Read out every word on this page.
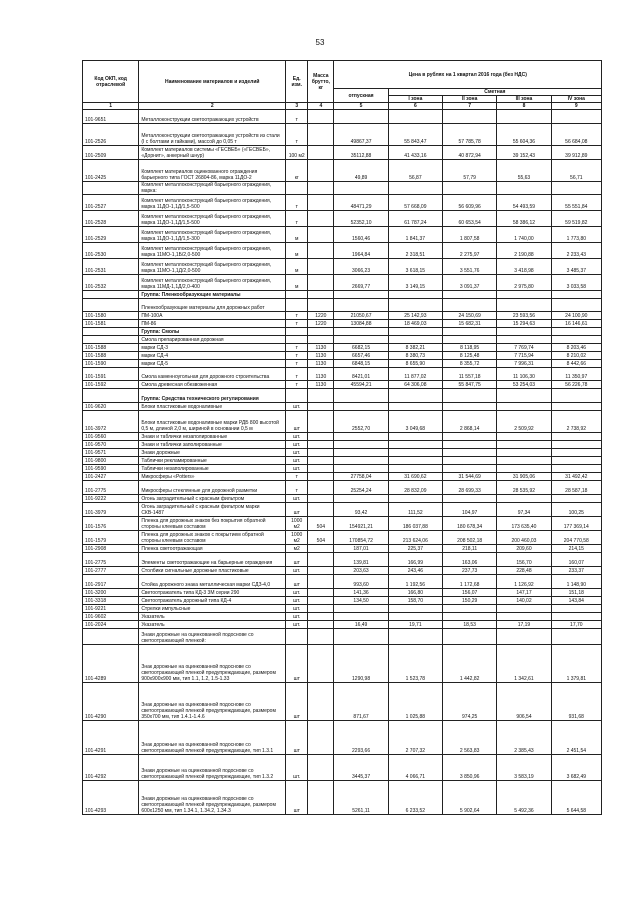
53
Код ОКП, код отраслевой	Наименование материалов и изделий	Ед. изм.	Масса брутто, кг	Цена в рублях на 1 квартал 2016 года (без НДС)				
				отпускная	Сметная			
					I зона	II зона	III зона	IV зона
1	2	3	4	5	6	7	8	9
101-9651	Металлоконструкции светоотражающих устройств	т						
101-2526	Металлоконструкции светоотражающих устройств из стали (I с болтами и гайками), массой до 0,05 т	т		49867,37	55 843,47	57 785,78	55 604,36	56 684,08
101-2509	Комплект материалов системы «ГЕСВЕБ» («ГЕСВЕБ», «Дорнит», анкерный шнур)	100 м2		35112,88	41 433,16	40 872,94	39 152,43	39 912,89
101-2425	Комплект материалов оцинкованного ограждения барьерного типа ГОСТ 26804-86, марка 11ДО-2	кг		49,89	56,87	57,79	55,63	56,71
	Комплект металлоконструкций барьерного ограждения, марка:							
101-2527	Комплект металлоконструкций барьерного ограждения, марка 11ДО-1,1Д/1,5-500	т		48471,29	57 668,09	56 609,96	54 493,59	55 551,84
101-2528	Комплект металлоконструкций барьерного ограждения, марка 11ДО-1,1Д/1,5-500	т		52352,10	61 787,24	60 653,54	58 386,12	59 519,82
101-2529	Комплект металлоконструкций барьерного ограждения, марка 11ДО-1,1Д/1,5-300	м		1560,46	1 841,37	1 807,58	1 740,00	1 773,80
101-2530	Комплект металлоконструкций барьерного ограждения, марка 11МО-1,1Б/2,0-500	м		1964,84	2 318,51	2 275,97	2 190,88	2 233,43
101-2531	Комплект металлоконструкций барьерного ограждения, марка 11МО-1,1Д/2,0-500	м		3066,23	3 618,15	3 551,76	3 418,98	3 485,37
101-2532	Комплект металлоконструкций барьерного ограждения, марка 11МД-1,1Д/2,0-400	м		2669,77	3 149,15	3 091,37	2 975,80	3 033,58
	Группа: Пленкообразующие материалы							
	Пленкообразующие материалы для дорожных работ							
101-1580	ПМ-100А	т	1220	21050,67	25 142,93	24 150,69	23 593,56	24 100,90
101-1581	ПМ-86	т	1220	13084,88	18 469,03	15 682,31	15 294,63	16 146,61
	Группа: Смолы							
	Смола препарированная дорожная							
101-1588	марки СД-3	т	1130	6682,15	8 382,21	8 118,95	7 769,74	8 203,46
101-1588	марки СД-4	т	1130	6657,46	8 380,73	8 125,48	7 715,94	8 210,02
101-1590	марки СД-5	т	1130	6848,15	8 655,90	8 355,72	7 996,31	8 442,66
101-1591	Смола каменноугольная для дорожного строительства	т	1130	8421,01	11 877,02	11 557,18	11 106,30	11 350,97
101-1592	Смола древесная обезвоженная	т	1130	45594,21	64 306,08	55 847,75	53 254,03	56 226,78
	Группа: Средства технического регулирования							
101-9620	Блоки пластиковые водоналивные	шт.						
101-3972	Блоки пластиковые водоналивные марки РДБ 800 высотой 0,5 м, длиной 2,0 м, шириной в основании 0,5 м	шт		2552,70	3 049,68	2 868,14	2 509,92	2 738,92
101-9560	Знаки и таблички незаполированные	шт.						
101-9570	Знаки и таблички заполированные	шт.						
101-9571	Знаки дорожные	шт.						
101-9800	Таблички рекламированные	шт.						
101-9590	Таблички незаполированные	шт.						
101-2427	Микросферы «Potters»	т		27758,04	31 690,62	31 544,69	31 905,06	31 492,42
101-2775	Микросферы стеклянные для дорожной разметки	т		25254,24	28 832,09	28 699,33	28 535,92	28 587,18
101-9222	Огонь заградительный с красным фильтром	шт.						
101-3979	Огонь заградительный с красным фильтром марки СКВ-1487	шт		93,42	111,52	104,97	97,34	100,25
101-1576	Пленка для дорожных знаков без покрытия обратной стороны клеевым составом	1000 м2	504	154921,21	186 037,88	180 678,34	173 635,40	177 369,14
101-1579	Пленка для дорожных знаков с покрытием обратной стороны клеевым составом	1000 м2	504	170854,72	213 624,06	208 502,18	200 460,03	204 770,58
101-2908	Пленка светоотражающая	м2		187,01	225,37	218,11	209,60	214,15
101-2775	Элементы светоотражающие на барьерные ограждения	шт		139,81	166,99	163,06	156,70	160,07
101-2777	Столбики сигнальные дорожные пластиковые	шт.		203,63	243,46	237,73	228,48	233,37
101-2917	Стойка дорожного знака металлическая марки СДЗ-4,0	шт		993,60	1 192,56	1 172,68	1 126,92	1 148,90
101-3200	Светоотражатель типа КД-3 3М серии 290	шт.		141,36	166,80	156,07	147,17	151,18
101-3318	Светоотражатель дорожный типа КД-4	шт.		134,50	158,70	150,29	140,02	143,84
101-9221	Стрелки импульсные	шт.						
101-9602	Указатель	шт.						
101-2024	Указатель	шт.		16,49	19,71	18,53	17,19	17,70
	Знаки дорожные на оцинкованной подоснове со светоотражающей пленкой:							
101-4289	Знак дорожные на оцинкованной подоснове со светоотражающей пленкой предупреждающие, размером 900х900х900 мм, тип 1.1, 1.2, 1.5-1.33	шт		1290,98	1 523,78	1 442,82	1 342,61	1 379,81
101-4290	Знак дорожные на оцинкованной подоснове со светоотражающей пленкой предупреждающие, размером 350х700 мм, тип 1.4.1-1.4.6	шт		871,67	1 025,88	974,25	906,54	931,68
101-4291	Знак дорожные на оцинкованной подоснове со светоотражающей пленкой предупреждающие, тип 1.3.1	шт		2293,66	2 707,32	2 563,83	2 385,43	2 451,54
101-4292	Знаки дорожные на оцинкованной подоснове со светоотражающей пленкой предупреждающие, тип 1.3.2	шт.		3445,37	4 066,71	3 850,96	3 583,19	3 682,49
101-4293	Знаки дорожные на оцинкованной подоснове со светоотражающей пленкой предупреждающие, размером 600х1250 мм, тип 1.34.1, 1.34.2, 1.34.3	шт		5261,11	6 233,52	5 902,64	5 492,36	5 644,58
